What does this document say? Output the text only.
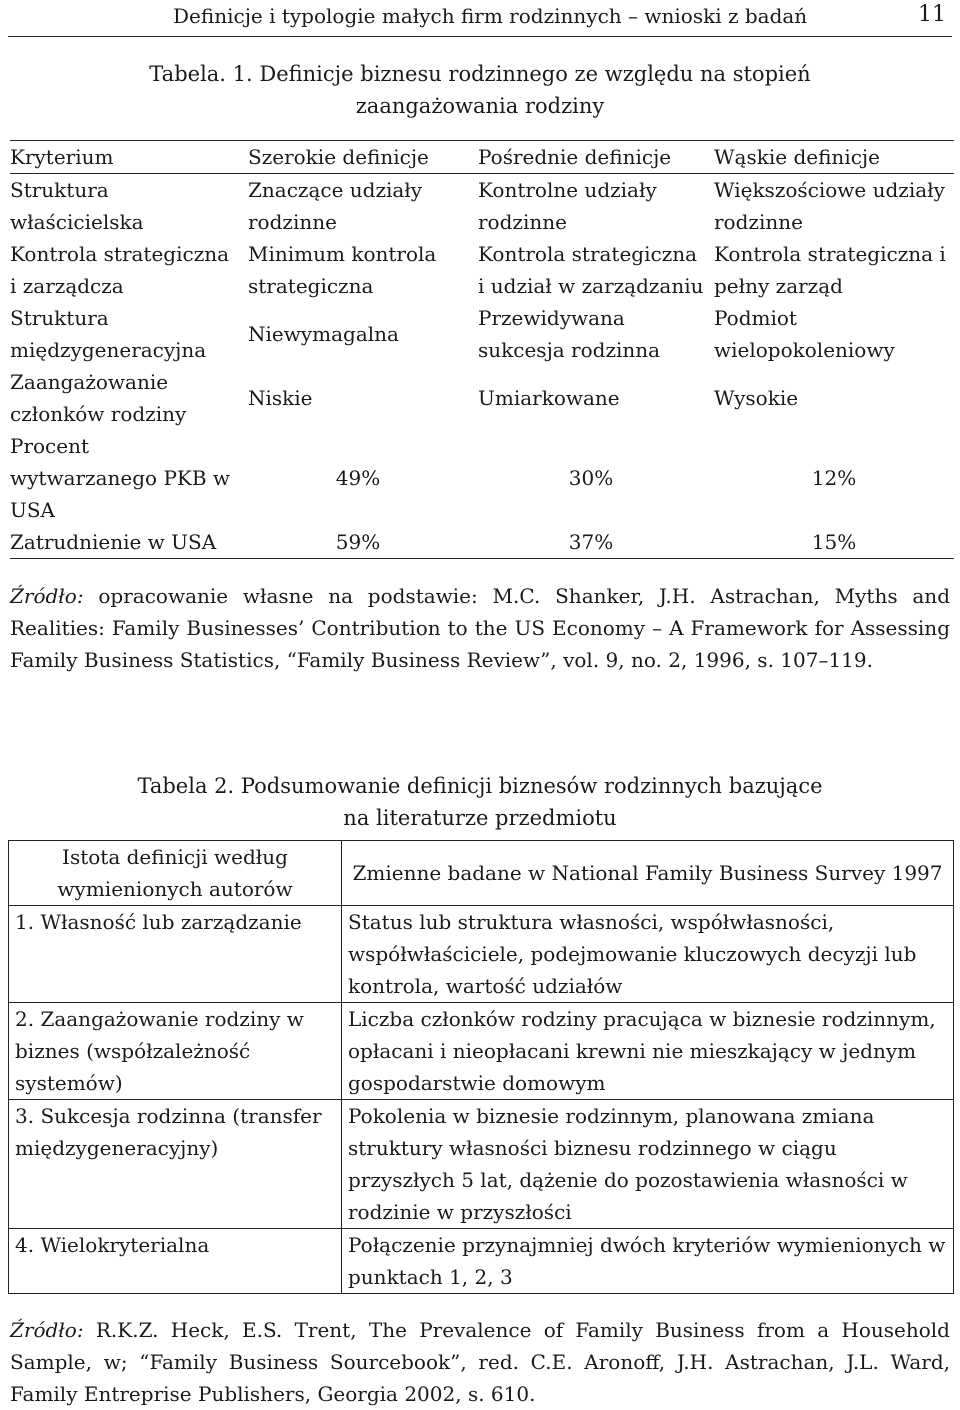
Definicje i typologie małych firm rodzinnych – wnioski z badań	11
Tabela. 1. Definicje biznesu rodzinnego ze względu na stopień
zaangażowania rodziny
Kryterium	Szerokie definicje	Pośrednie definicje	Wąskie definicje
Struktura właścicielska	Znaczące udziały rodzinne	Kontrolne udziały rodzinne	Większościowe udziały rodzinne
Kontrola strategiczna i zarządcza	Minimum kontrola strategiczna	Kontrola strategiczna i udział w zarządzaniu	Kontrola strategiczna i pełny zarząd
Struktura międzygeneracyjna	Niewymagalna	Przewidywana sukcesja rodzinna	Podmiot wielopokoleniowy
Zaangażowanie członków rodziny	Niskie	Umiarkowane	Wysokie
Procent wytwarzanego PKB w USA	49%	30%	12%
Zatrudnienie w USA	59%	37%	15%
Źródło: opracowanie własne na podstawie: M.C. Shanker, J.H. Astrachan, Myths and Realities: Family Businesses’ Contribution to the US Economy – A Framework for Assessing Family Business Statistics, “Family Business Review”, vol. 9, no. 2, 1996, s. 107–119.
Tabela 2. Podsumowanie definicji biznesów rodzinnych bazujące
na literaturze przedmiotu
Istota definicji według wymienionych autorów	Zmienne badane w National Family Business Survey 1997
1. Własność lub zarządzanie	Status lub struktura własności, współwłasności, współwłaściciele, podejmowanie kluczowych decyzji lub kontrola, wartość udziałów
2. Zaangażowanie rodziny w biznes (współzależność systemów)	Liczba członków rodziny pracująca w biznesie rodzinnym, opłacani i nieopłacani krewni nie mieszkający w jednym gospodarstwie domowym
3. Sukcesja rodzinna (transfer międzygeneracyjny)	Pokolenia w biznesie rodzinnym, planowana zmiana struktury własności biznesu rodzinnego w ciągu przyszłych 5 lat, dążenie do pozostawienia własności w rodzinie w przyszłości
4. Wielokryterialna	Połączenie przynajmniej dwóch kryteriów wymienionych w punktach 1, 2, 3
Źródło: R.K.Z. Heck, E.S. Trent, The Prevalence of Family Business from a Household Sample, w; “Family Business Sourcebook”, red. C.E. Aronoff, J.H. Astrachan, J.L. Ward, Family Entreprise Publishers, Georgia 2002, s. 610.
